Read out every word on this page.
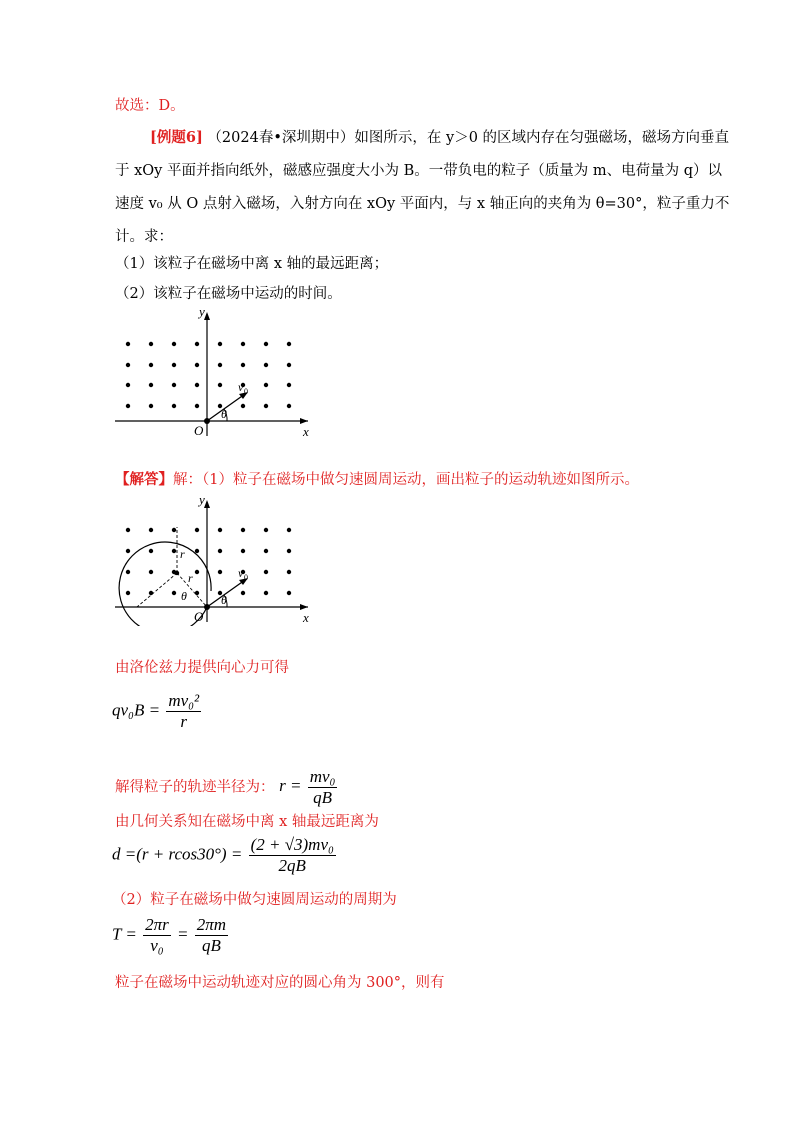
故选：D。
[例题6] （2024春•深圳期中）如图所示，在 y＞0 的区域内存在匀强磁场，磁场方向垂直
于 xOy 平面并指向纸外，磁感应强度大小为 B。一带负电的粒子（质量为 m、电荷量为 q）以
速度 v₀ 从 O 点射入磁场，入射方向在 xOy 平面内，与 x 轴正向的夹角为 θ=30°，粒子重力不
计。求：
（1）该粒子在磁场中离 x 轴的最远距离；
（2）该粒子在磁场中运动的时间。
y
x
O
θ
v 0
【解答】解：（1）粒子在磁场中做匀速圆周运动，画出粒子的运动轨迹如图所示。
y
x
O
θ
θ
r
r	v 0
由洛伦兹力提供向心力可得
$qv_0B = \frac{\text{mv₀²}}{r}$
解得粒子的轨迹半径为： $r = \frac{\text{mv₀}}{qB}$
由几何关系知在磁场中离 x 轴最远距离为
$d =(r + rcos30^\circ) = \frac{\text{(2 + √3)mv₀}}{2qB}$
（2）粒子在磁场中做匀速圆周运动的周期为
$T = \frac{2\pi r}{\text{v₀}} = \frac{2\pi m}{qB}$
粒子在磁场中运动轨迹对应的圆心角为 300°，则有
